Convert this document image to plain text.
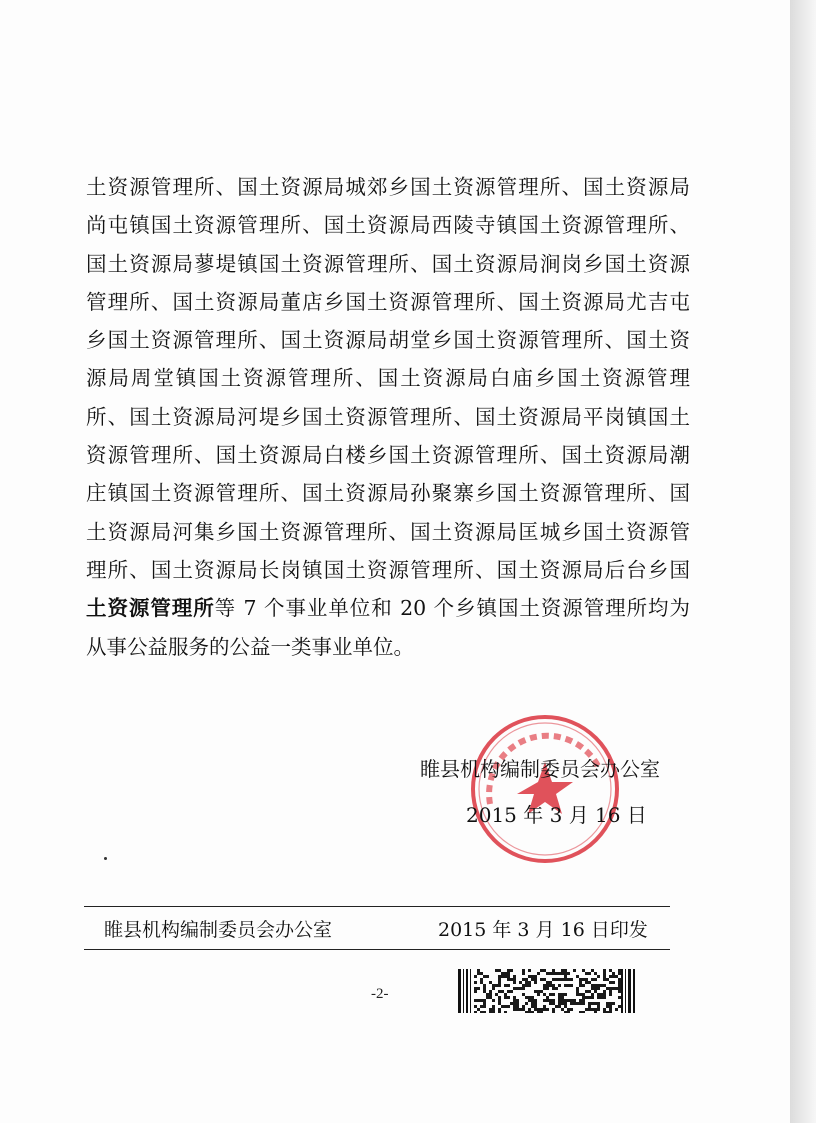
土资源管理所、国土资源局城郊乡国土资源管理所、国土资源局
尚屯镇国土资源管理所、国土资源局西陵寺镇国土资源管理所、
国土资源局蓼堤镇国土资源管理所、国土资源局涧岗乡国土资源
管理所、国土资源局董店乡国土资源管理所、国土资源局尤吉屯
乡国土资源管理所、国土资源局胡堂乡国土资源管理所、国土资
源局周堂镇国土资源管理所、国土资源局白庙乡国土资源管理
所、国土资源局河堤乡国土资源管理所、国土资源局平岗镇国土
资源管理所、国土资源局白楼乡国土资源管理所、国土资源局潮
庄镇国土资源管理所、国土资源局孙聚寨乡国土资源管理所、国
土资源局河集乡国土资源管理所、国土资源局匡城乡国土资源管
理所、国土资源局长岗镇国土资源管理所、国土资源局后台乡国
土资源管理所等 7 个事业单位和 20 个乡镇国土资源管理所均为
从事公益服务的公益一类事业单位。
睢县机构编制委员会办公室
2015 年 3 月 16 日
睢县机构编制委员会办公室	2015 年 3 月 16 日印发
-2-
